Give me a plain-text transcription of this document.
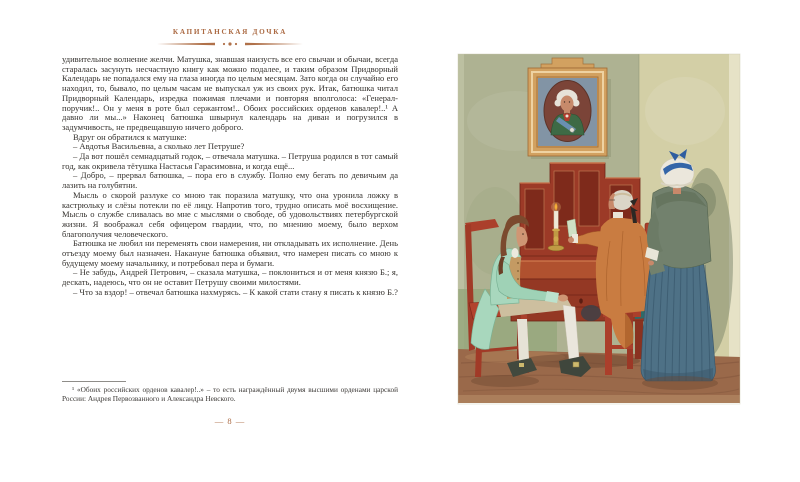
КАПИТАНСКАЯ ДОЧКА

удивительное волнение желчи. Матушка, знавшая наизусть все его свычаи и обычаи, всегда старалась засунуть несчастную книгу как можно подалее, и таким образом Придворный Календарь не попадался ему на глаза иногда по целым месяцам. Зато когда он случайно его находил, то, бывало, по целым часам не выпускал уж из своих рук. Итак, батюшка читал Придворный Календарь, изредка пожимая плечами и повторяя вполголоса: «Генерал-поручик!.. Он у меня в роте был сержантом!.. Обоих российских орденов кавалер!..¹ А давно ли мы...» Наконец батюшка швырнул календарь на диван и погрузился в задумчивость, не предвещавшую ничего доброго.

Вдруг он обратился к матушке:

– Авдотья Васильевна, а сколько лет Петруше?

– Да вот пошёл семнадцатый годок, – отвечала матушка. – Петруша родился в тот самый год, как окривела тётушка Настасья Гарасимовна, и когда ещё...

– Добро, – прервал батюшка, – пора его в службу. Полно ему бегать по девичьим да лазить на голубятни.

Мысль о скорой разлуке со мною так поразила матушку, что она уронила ложку в кастрюльку и слёзы потекли по её лицу. Напротив того, трудно описать моё восхищение. Мысль о службе сливалась во мне с мыслями о свободе, об удовольствиях петербургской жизни. Я воображал себя офицером гвардии, что, по мнению моему, было верхом благополучия человеческого.

Батюшка не любил ни переменять свои намерения, ни откладывать их исполнение. День отъезду моему был назначен. Накануне батюшка объявил, что намерен писать со мною к будущему моему начальнику, и потребовал пера и бумаги.

– Не забудь, Андрей Петрович, – сказала матушка, – поклониться и от меня князю Б.; я, дескать, надеюсь, что он не оставит Петрушу своими милостями.

– Что за вздор! – отвечал батюшка нахмурясь. – К какой стати стану я писать к князю Б.?

¹ «Обоих российских орденов кавалер!..» – то есть награждённый двумя высшими орденами царской России: Андрея Первозванного и Александра Невского.

— 8 —
